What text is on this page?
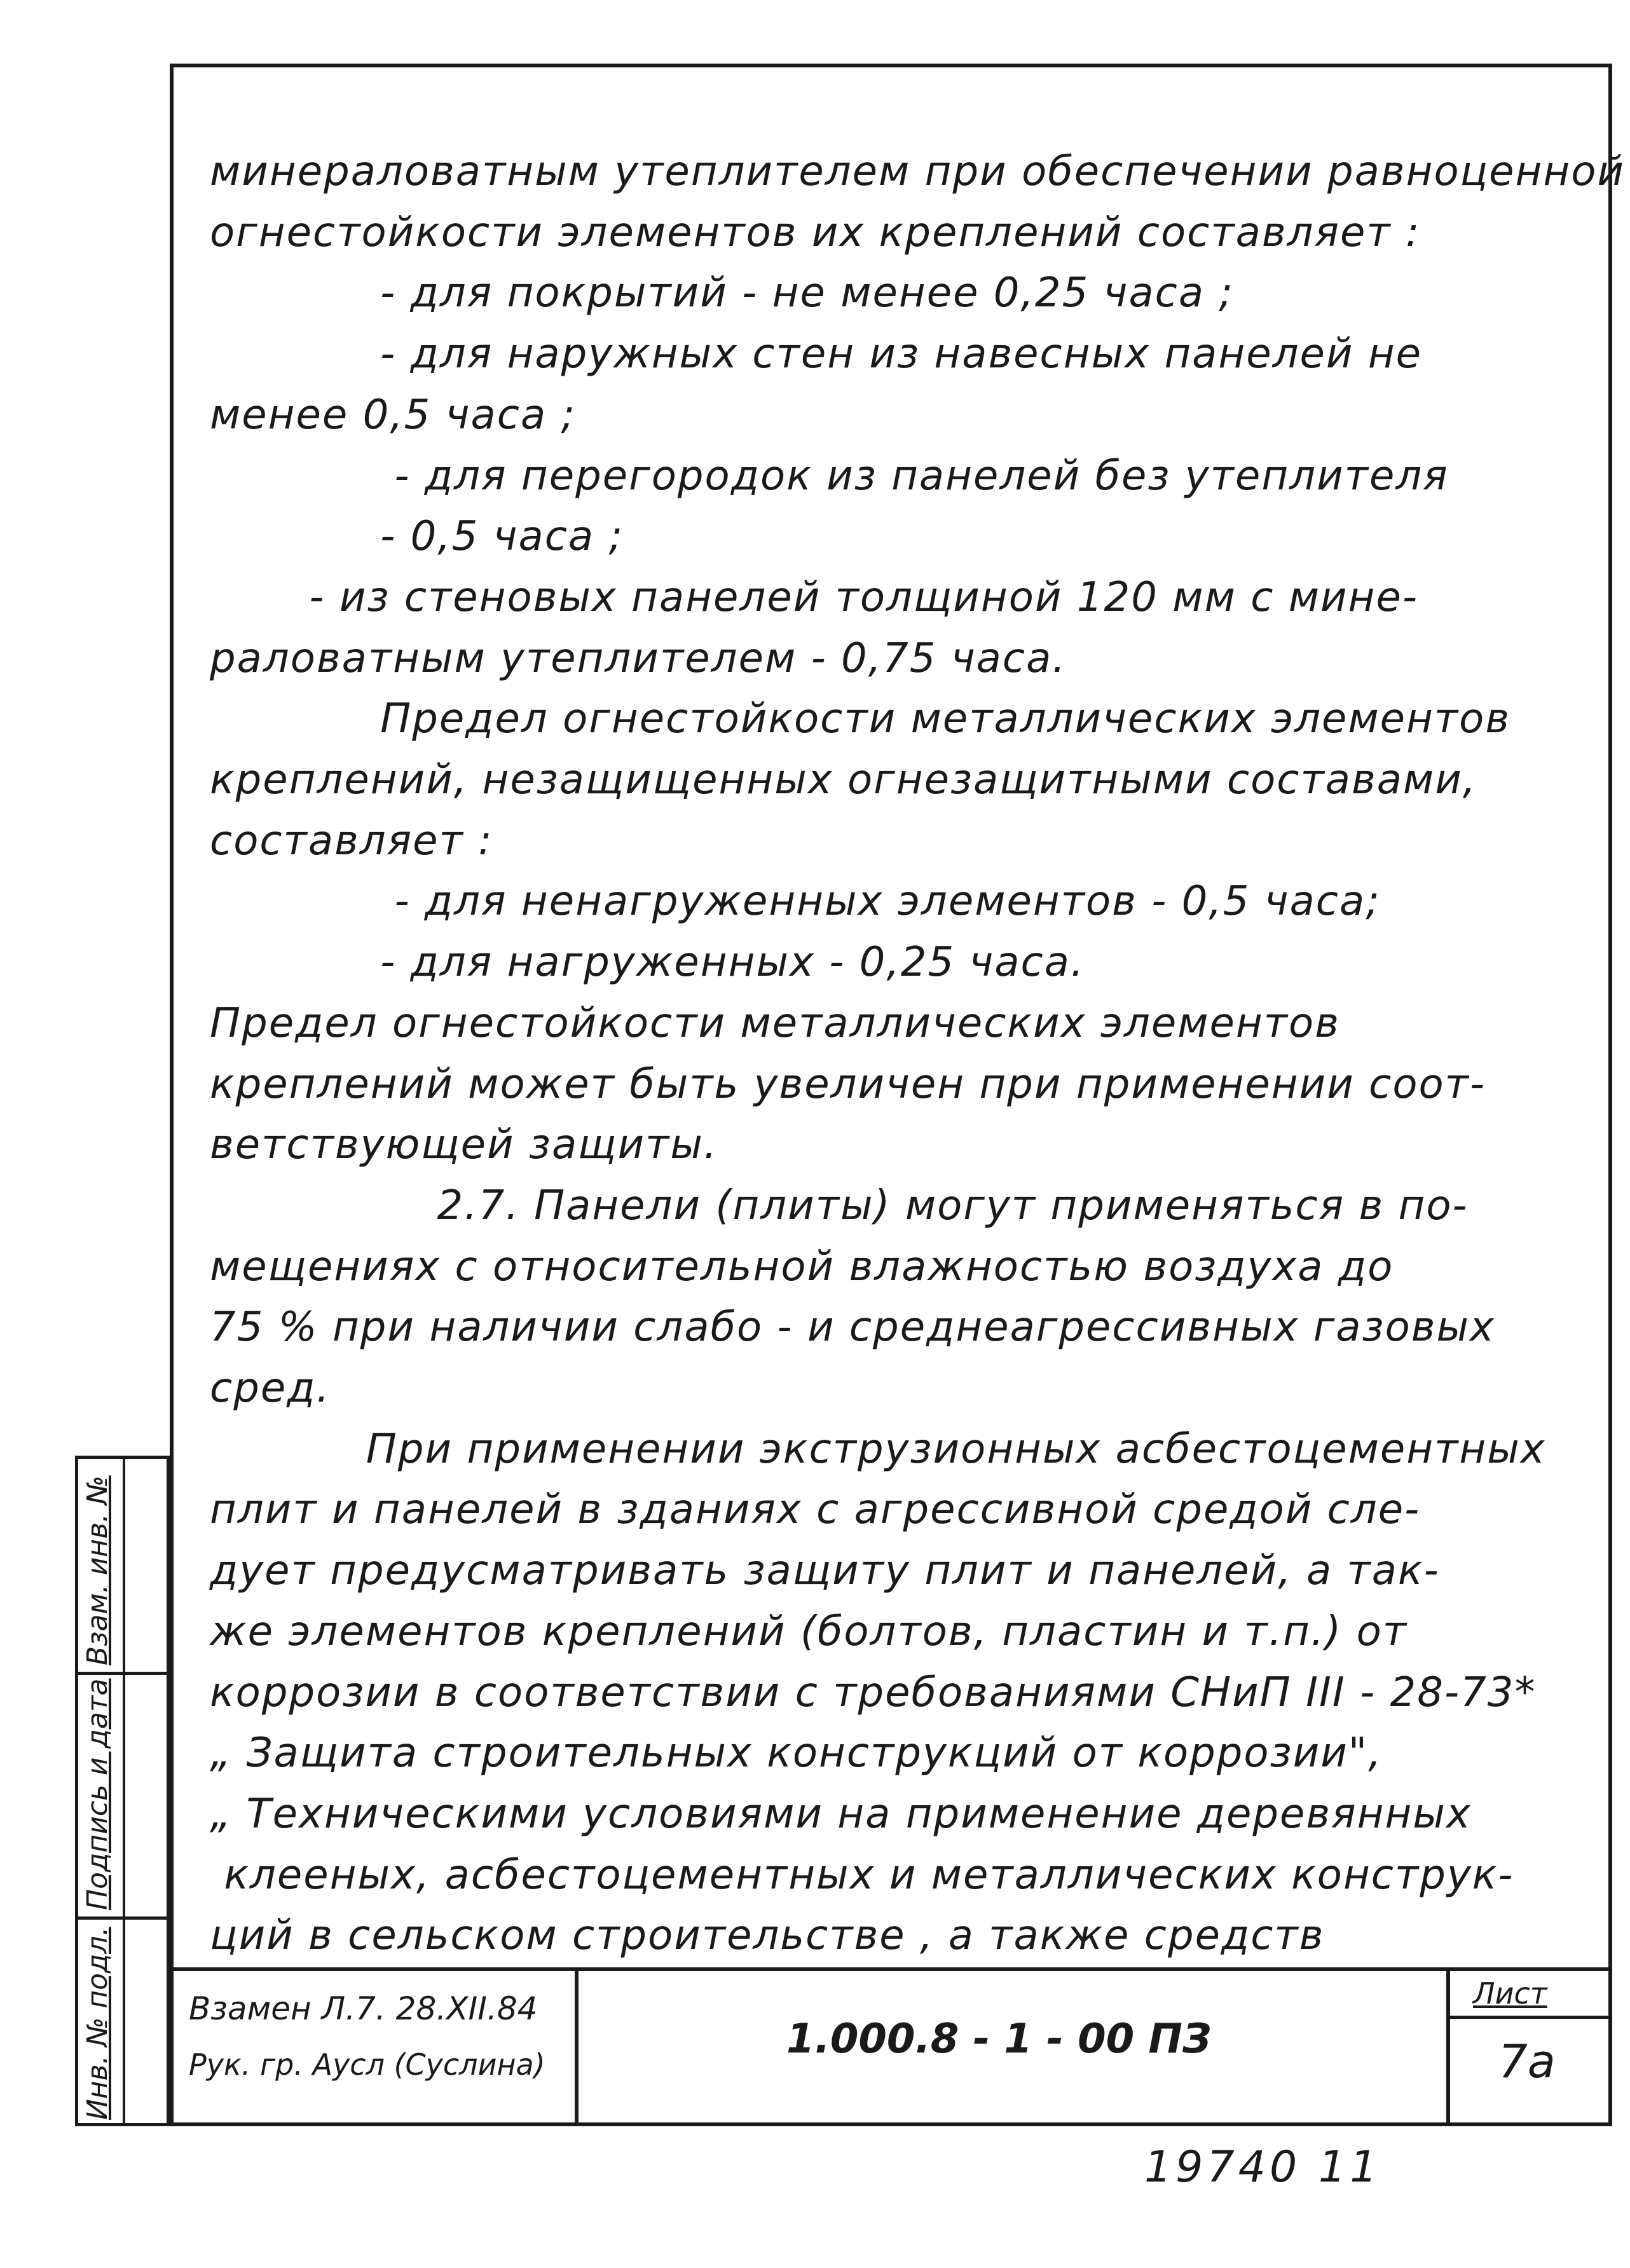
минераловатным утеплителем при обеспечении равноценной
огнестойкости элементов их креплений составляет :
- для покрытий - не менее 0,25 часа ;
- для наружных стен из навесных панелей не
менее 0,5 часа ;
- для перегородок из панелей без утеплителя
- 0,5 часа ;
- из стеновых панелей толщиной 120 мм с мине-
раловатным утеплителем - 0,75 часа.
Предел огнестойкости металлических элементов
креплений, незащищенных огнезащитными составами,
составляет :
- для ненагруженных элементов - 0,5 часа;
- для нагруженных - 0,25 часа.
Предел огнестойкости металлических элементов
креплений может быть увеличен при применении соот-
ветствующей защиты.
2.7. Панели (плиты) могут применяться в по-
мещениях с относительной влажностью воздуха до
75 % при наличии слабо - и среднеагрессивных газовых
сред.
При применении экструзионных асбестоцементных
плит и панелей в зданиях с агрессивной средой сле-
дует предусматривать защиту плит и панелей, а так-
же элементов креплений (болтов, пластин и т.п.) от
коррозии в соответствии с требованиями СНиП III - 28-73*
„ Защита строительных конструкций от коррозии",
„ Техническими условиями на применение деревянных
клееных, асбестоцементных и металлических конструк-
ций в сельском строительстве , а также средств
Взам. инв. №
Подпись и дата
Инв. № подл. Взамен Л.7. 28.XII.84
Рук. гр. Аусл (Суслина)
1.000.8 - 1 - 00 ПЗ
Лист
7а
19740 11
